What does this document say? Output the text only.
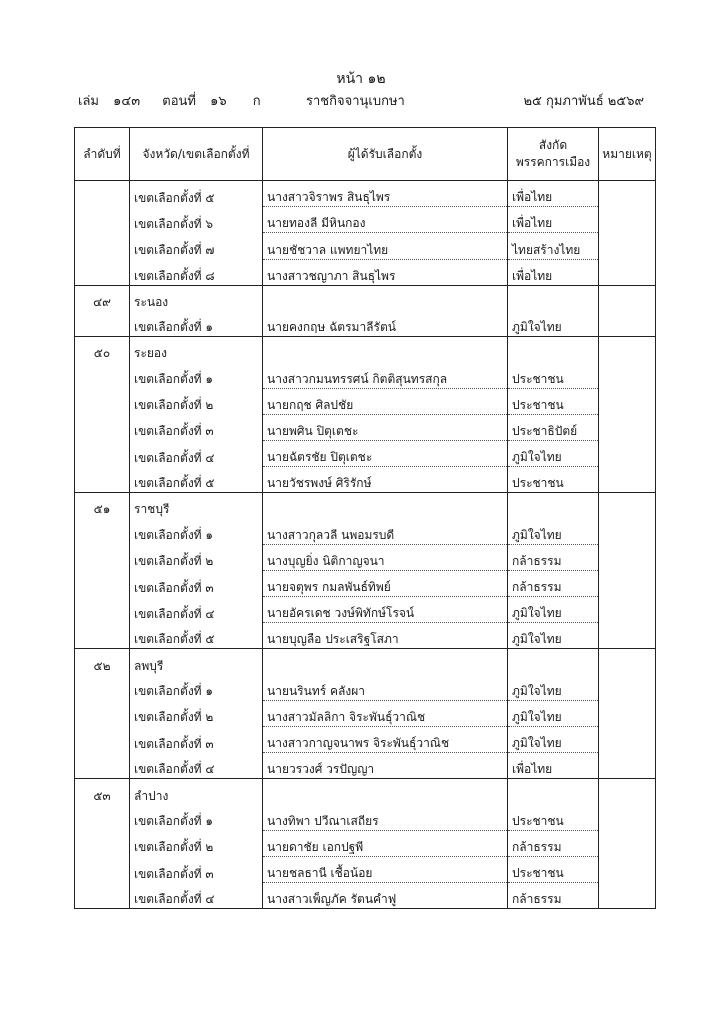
หน้า ๑๒
เล่ม ๑๔๓ ตอนที่ ๑๖ ก	ราชกิจจานุเบกษา	๒๕ กุมภาพันธ์ ๒๕๖๙
ลำดับที่	จังหวัด/เขตเลือกตั้งที่	ผู้ได้รับเลือกตั้ง	สังกัด
พรรคการเมือง	หมายเหตุ
	เขตเลือกตั้งที่ ๕	นางสาวจิราพร สินธุไพร	เพื่อไทย	
	เขตเลือกตั้งที่ ๖	นายทองลี มีหินกอง	เพื่อไทย	
	เขตเลือกตั้งที่ ๗	นายชัชวาล แพทยาไทย	ไทยสร้างไทย	
	เขตเลือกตั้งที่ ๘	นางสาวชญาภา สินธุไพร	เพื่อไทย	
๔๙	ระนอง			
	เขตเลือกตั้งที่ ๑	นายคงกฤษ ฉัตรมาลีรัตน์	ภูมิใจไทย	
๕๐	ระยอง			
	เขตเลือกตั้งที่ ๑	นางสาวกมนทรรศน์ กิตติสุนทรสกุล	ประชาชน	
	เขตเลือกตั้งที่ ๒	นายกฤช ศิลปชัย	ประชาชน	
	เขตเลือกตั้งที่ ๓	นายพศิน ปิตุเตชะ	ประชาธิปัตย์	
	เขตเลือกตั้งที่ ๔	นายฉัตรชัย ปิตุเตชะ	ภูมิใจไทย	
	เขตเลือกตั้งที่ ๕	นายวัชรพงษ์ ศิริรักษ์	ประชาชน	
๕๑	ราชบุรี			
	เขตเลือกตั้งที่ ๑	นางสาวกุลวลี นพอมรบดี	ภูมิใจไทย	
	เขตเลือกตั้งที่ ๒	นางบุญยิ่ง นิติกาญจนา	กล้าธรรม	
	เขตเลือกตั้งที่ ๓	นายจตุพร กมลพันธ์ทิพย์	กล้าธรรม	
	เขตเลือกตั้งที่ ๔	นายอัครเดช วงษ์พิทักษ์โรจน์	ภูมิใจไทย	
	เขตเลือกตั้งที่ ๕	นายบุญลือ ประเสริฐโสภา	ภูมิใจไทย	
๕๒	ลพบุรี			
	เขตเลือกตั้งที่ ๑	นายนรินทร์ คลังผา	ภูมิใจไทย	
	เขตเลือกตั้งที่ ๒	นางสาวมัลลิกา จิระพันธุ์วาณิช	ภูมิใจไทย	
	เขตเลือกตั้งที่ ๓	นางสาวกาญจนาพร จิระพันธุ์วาณิช	ภูมิใจไทย	
	เขตเลือกตั้งที่ ๔	นายวรวงศ์ วรปัญญา	เพื่อไทย	
๕๓	ลำปาง			
	เขตเลือกตั้งที่ ๑	นางทิพา ปวีณาเสถียร	ประชาชน	
	เขตเลือกตั้งที่ ๒	นายดาชัย เอกปฐพี	กล้าธรรม	
	เขตเลือกตั้งที่ ๓	นายชลธานี เชื้อน้อย	ประชาชน	
	เขตเลือกตั้งที่ ๔	นางสาวเพ็ญภัค รัตนคำฟู	กล้าธรรม	
